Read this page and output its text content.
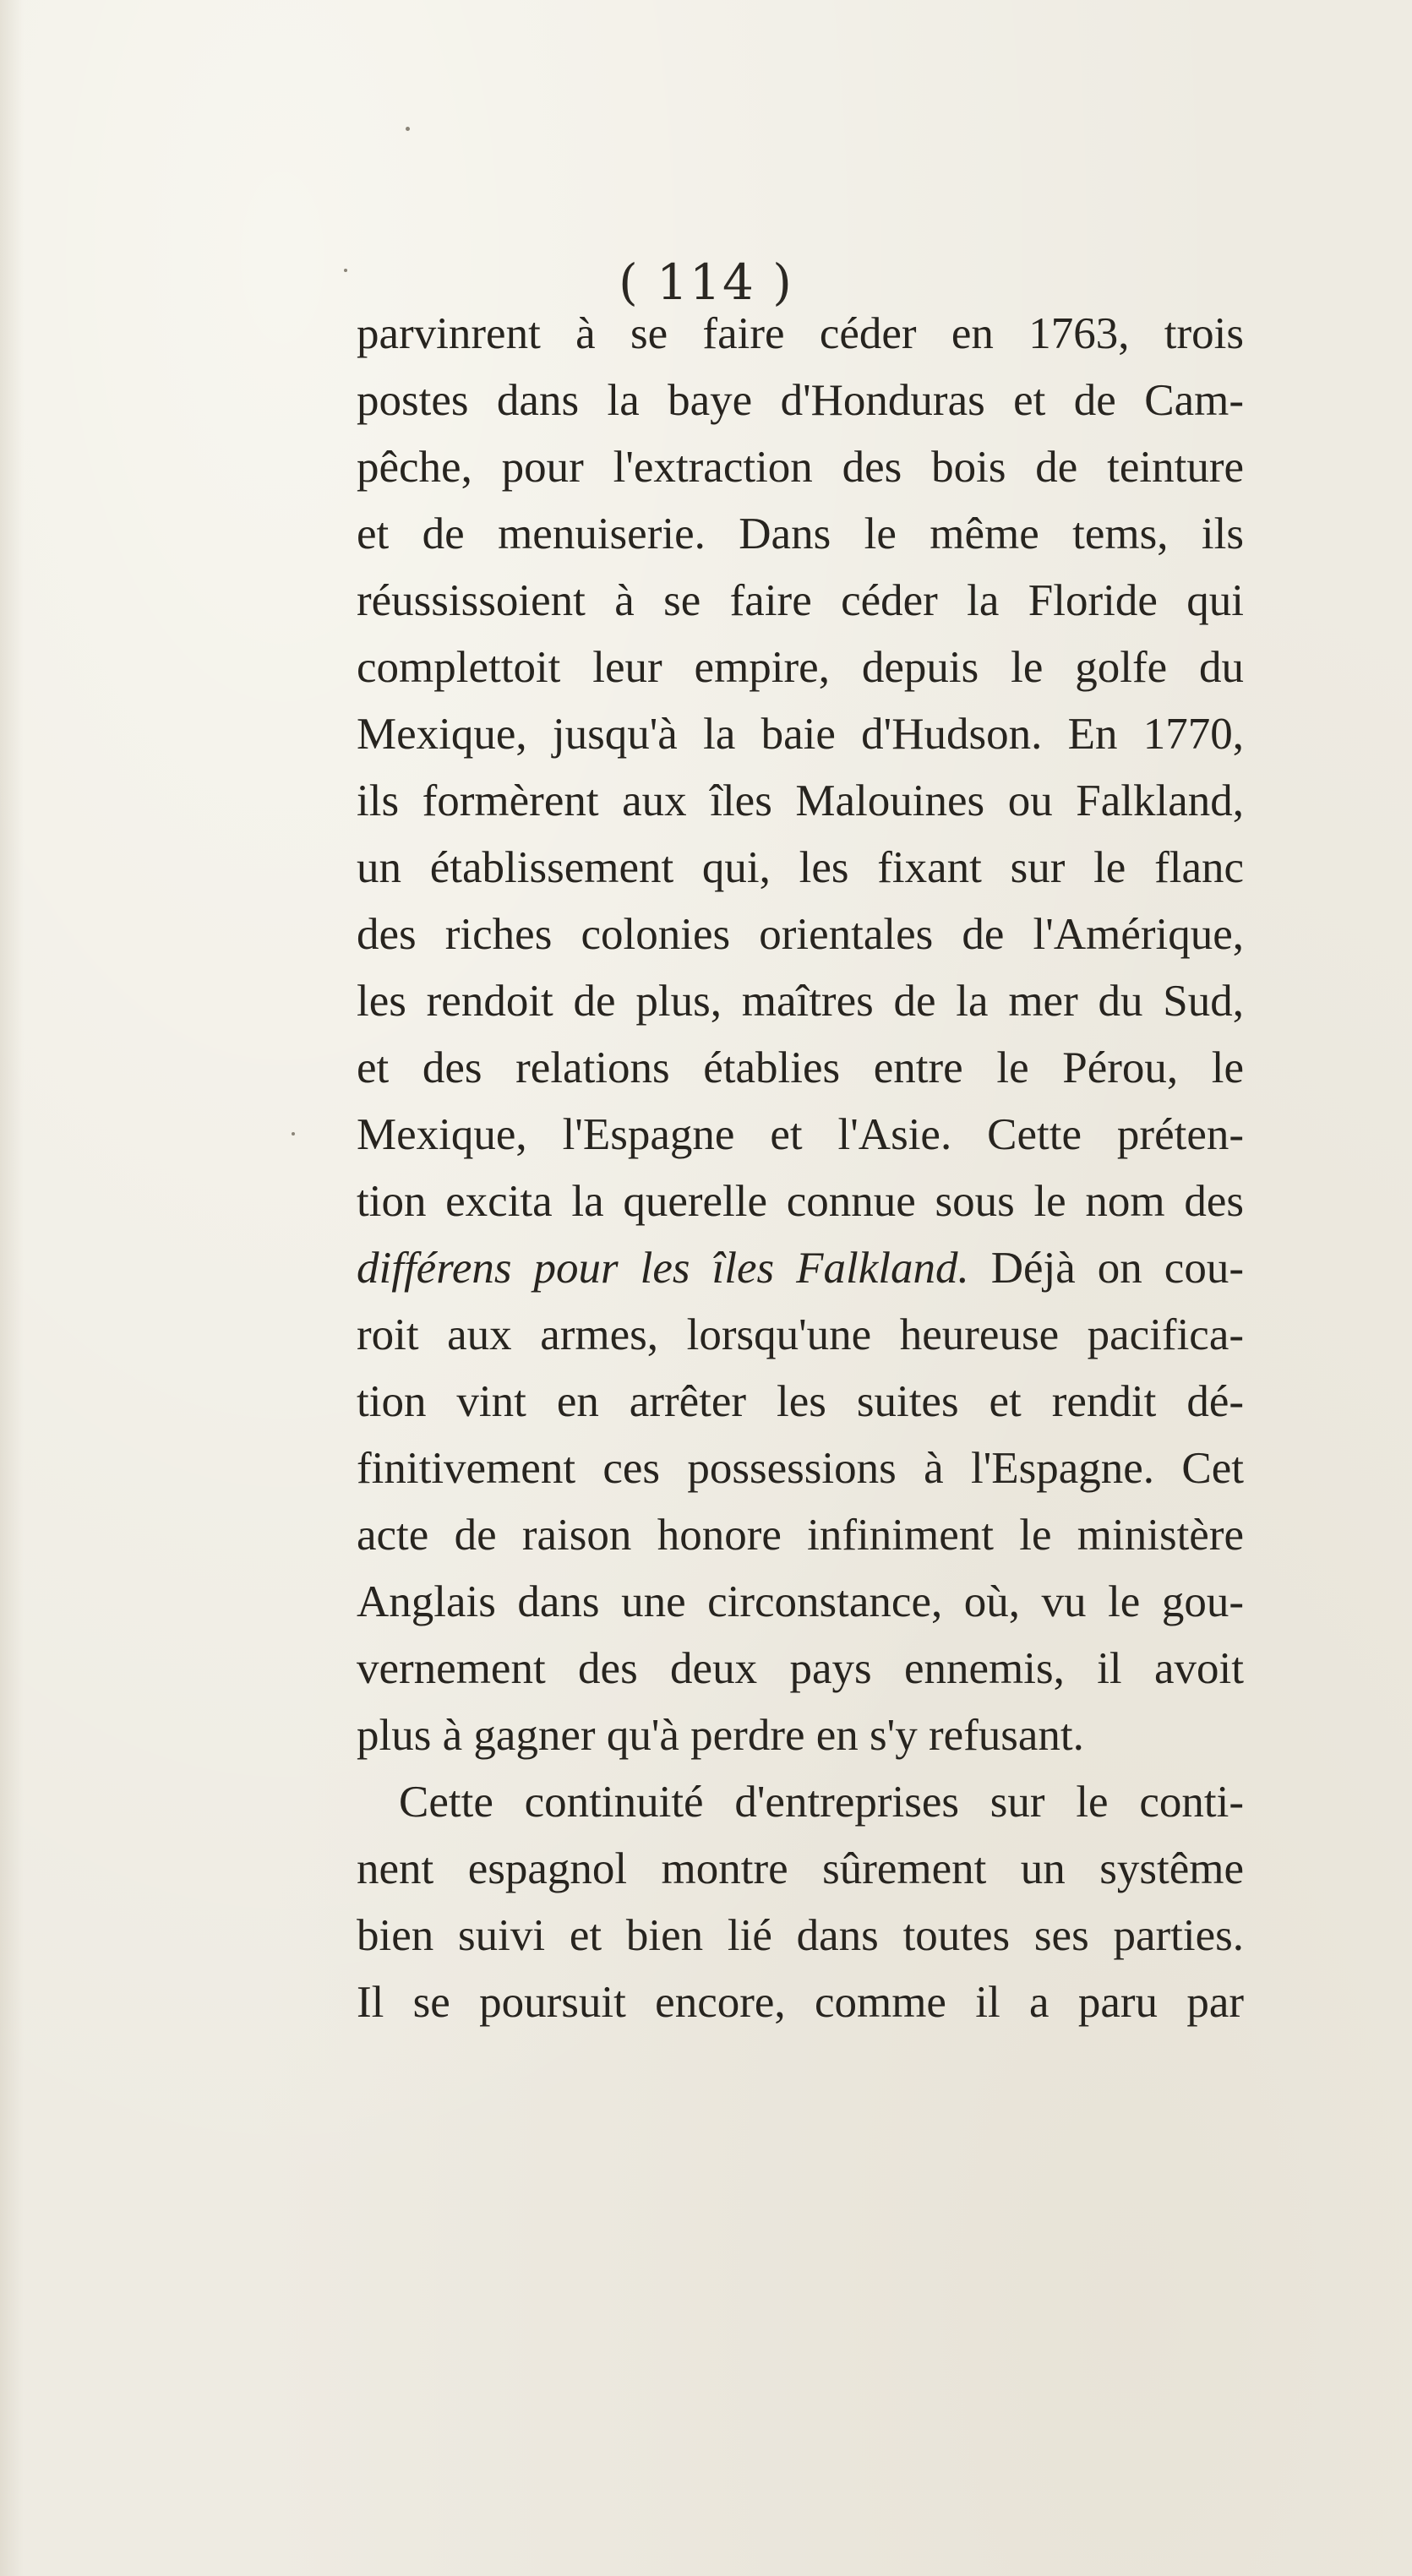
( 114 )
parvinrent à se faire céder en 1763, trois
postes dans la baye d'Honduras et de Cam-
pêche, pour l'extraction des bois de teinture
et de menuiserie. Dans le même tems, ils
réussissoient à se faire céder la Floride qui
complettoit leur empire, depuis le golfe du
Mexique, jusqu'à la baie d'Hudson. En 1770,
ils formèrent aux îles Malouines ou Falkland,
un établissement qui, les fixant sur le flanc
des riches colonies orientales de l'Amérique,
les rendoit de plus, maîtres de la mer du Sud,
et des relations établies entre le Pérou, le
Mexique, l'Espagne et l'Asie. Cette préten-
tion excita la querelle connue sous le nom des
différens pour les îles Falkland. Déjà on cou-
roit aux armes, lorsqu'une heureuse pacifica-
tion vint en arrêter les suites et rendit dé-
finitivement ces possessions à l'Espagne. Cet
acte de raison honore infiniment le ministère
Anglais dans une circonstance, où, vu le gou-
vernement des deux pays ennemis, il avoit
plus à gagner qu'à perdre en s'y refusant.
Cette continuité d'entreprises sur le conti-
nent espagnol montre sûrement un systême
bien suivi et bien lié dans toutes ses parties.
Il se poursuit encore, comme il a paru par
